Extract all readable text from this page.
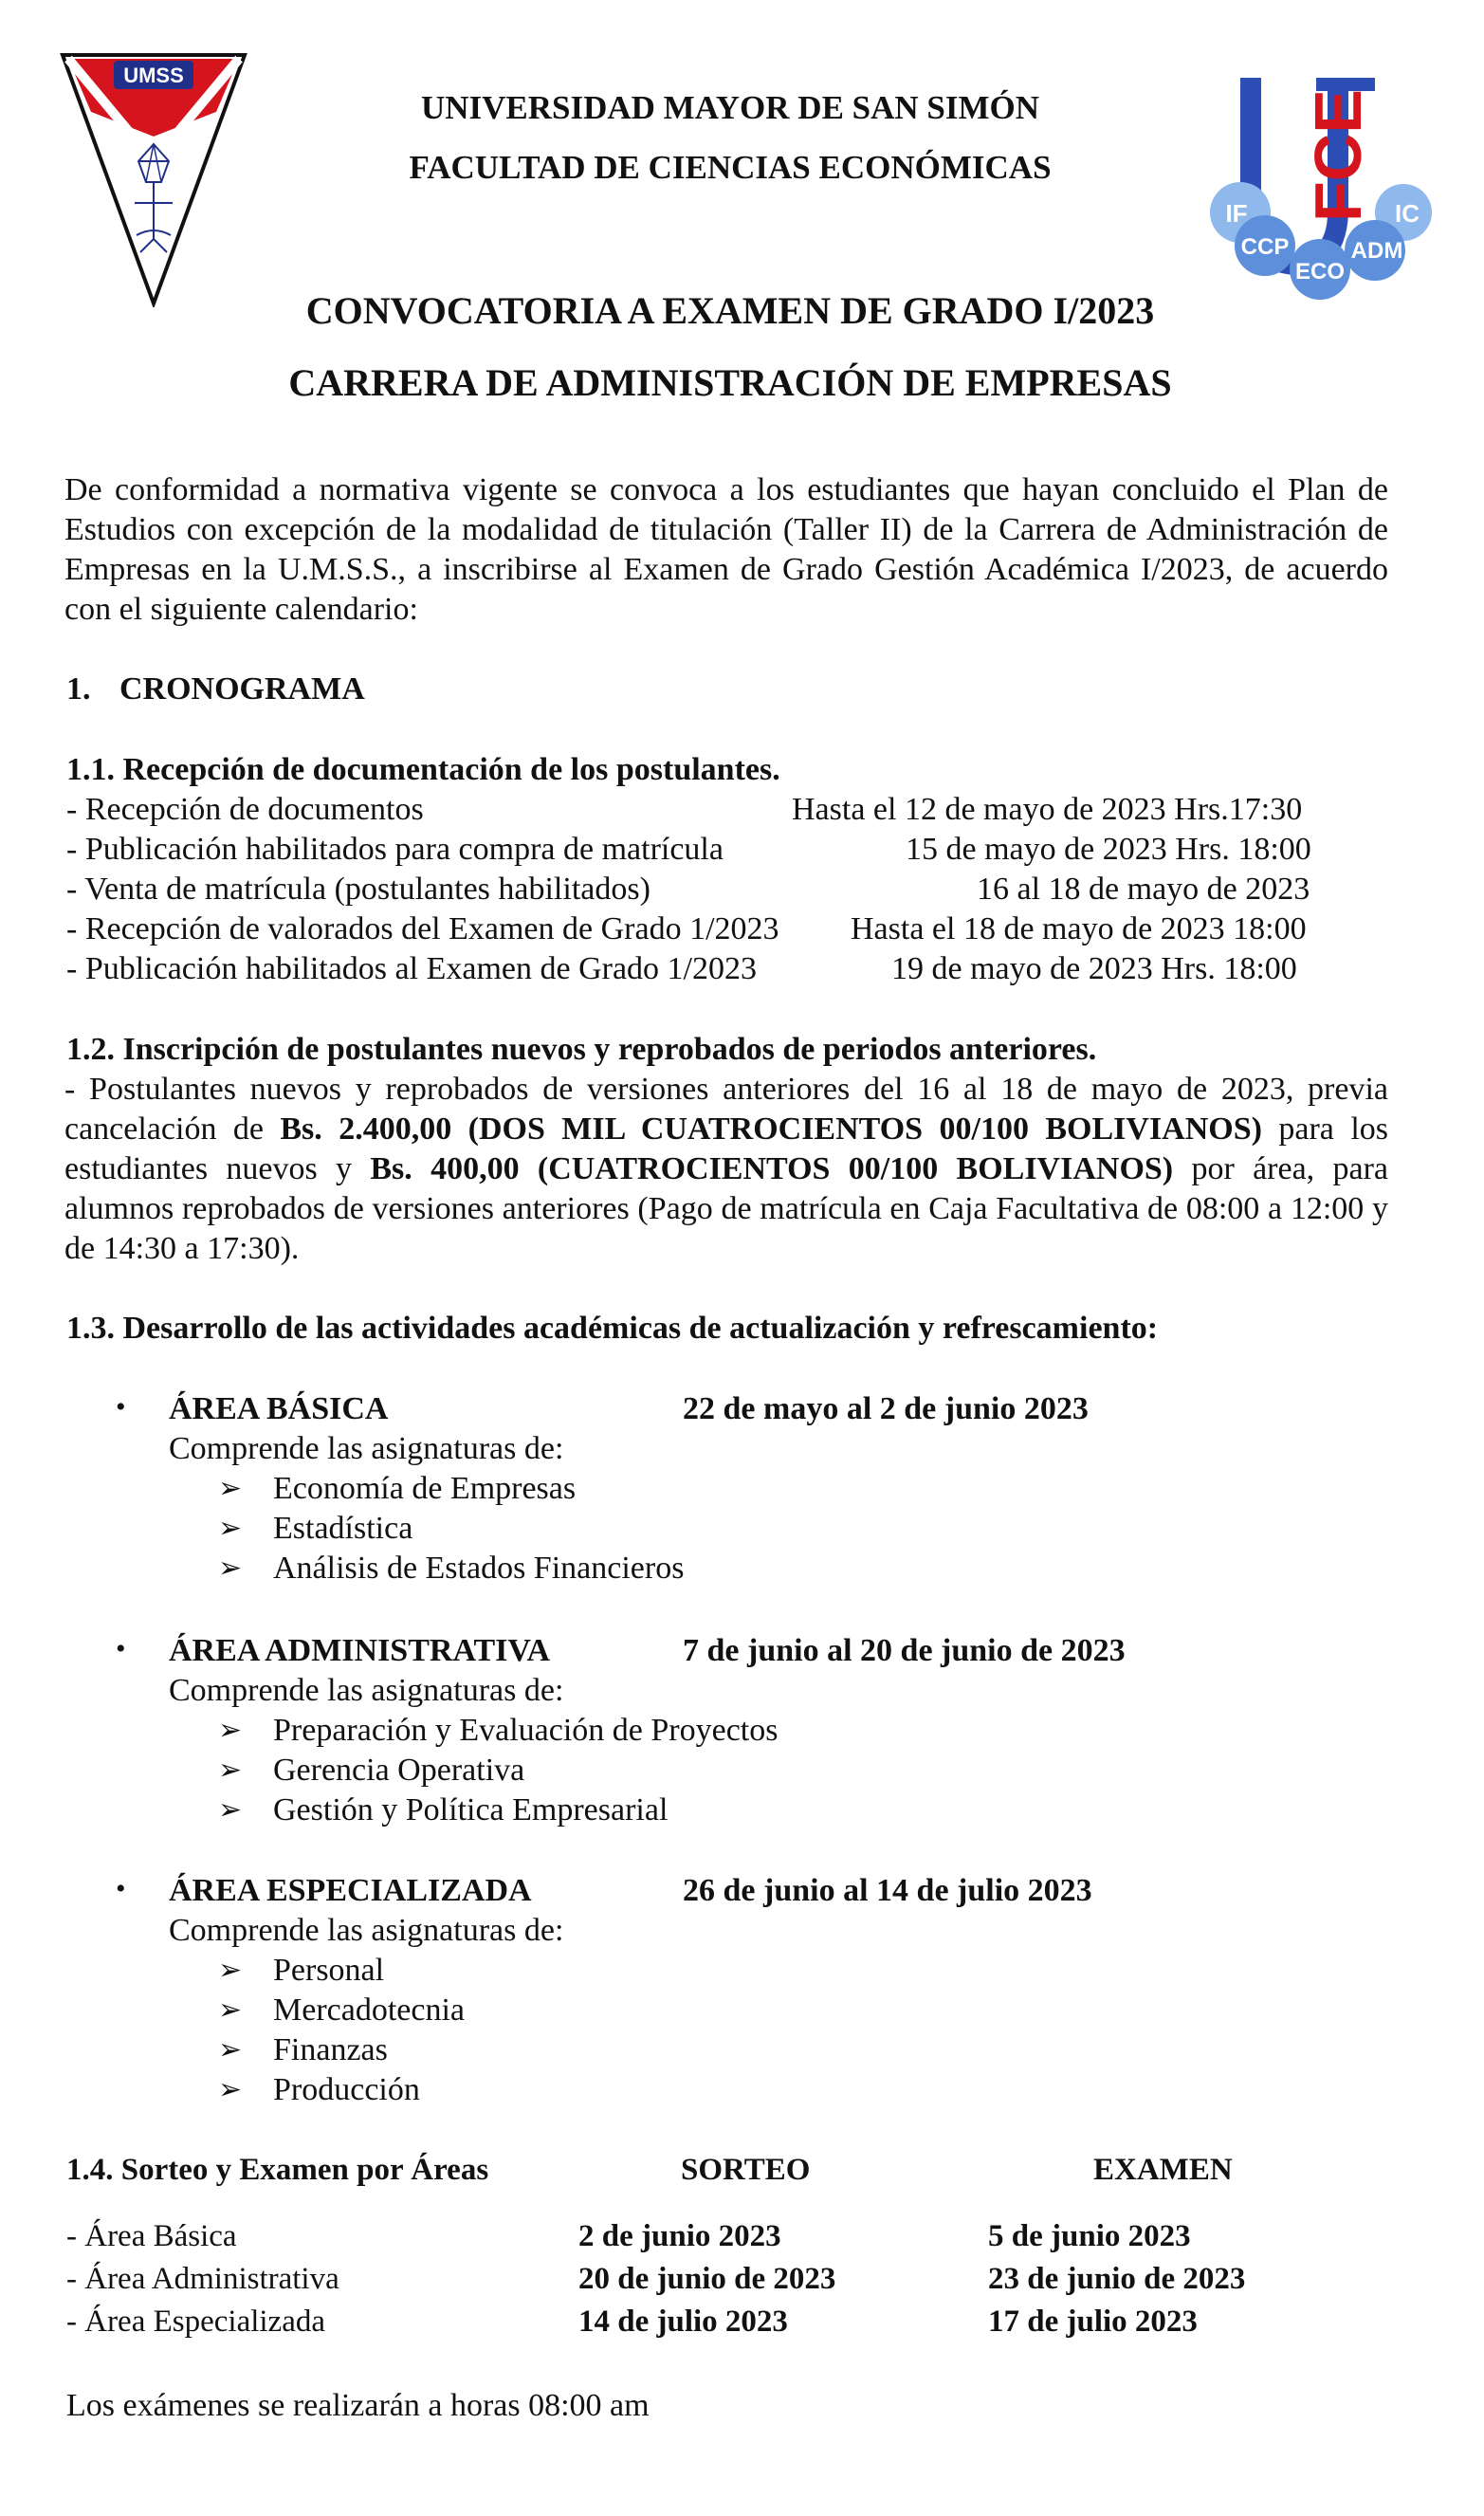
UMSS
UNIVERSIDAD MAYOR DE SAN SIMÓN
FACULTAD DE CIENCIAS ECONÓMICAS	FCE
UMSS
IF	IC
CCP	ADM
ECO
CONVOCATORIA A EXAMEN DE GRADO I/2023
CARRERA DE ADMINISTRACIÓN DE EMPRESAS
De conformidad a normativa vigente se convoca a los estudiantes que hayan concluido el Plan de Estudios con excepción de la modalidad de titulación (Taller II) de la Carrera de Administración de Empresas en la U.M.S.S., a inscribirse al Examen de Grado Gestión Académica I/2023, de acuerdo con el siguiente calendario:
1. CRONOGRAMA
1.1. Recepción de documentación de los postulantes.
- Recepción de documentos	Hasta el 12 de mayo de 2023 Hrs.17:30
- Publicación habilitados para compra de matrícula	15 de mayo de 2023 Hrs. 18:00
- Venta de matrícula (postulantes habilitados)	16 al 18 de mayo de 2023
- Recepción de valorados del Examen de Grado 1/2023 Hasta el 18 de mayo de 2023 18:00
- Publicación habilitados al Examen de Grado 1/2023	19 de mayo de 2023 Hrs. 18:00
1.2. Inscripción de postulantes nuevos y reprobados de periodos anteriores.
- Postulantes nuevos y reprobados de versiones anteriores del 16 al 18 de mayo de 2023, previa cancelación de Bs. 2.400,00 (DOS MIL CUATROCIENTOS 00/100 BOLIVIANOS) para los estudiantes nuevos y Bs. 400,00 (CUATROCIENTOS 00/100 BOLIVIANOS) por área, para alumnos reprobados de versiones anteriores (Pago de matrícula en Caja Facultativa de 08:00 a 12:00 y de 14:30 a 17:30).
1.3. Desarrollo de las actividades académicas de actualización y refrescamiento:
• ÁREA BÁSICA	22 de mayo al 2 de junio 2023
Comprende las asignaturas de:
➢ Economía de Empresas
➢ Estadística
➢ Análisis de Estados Financieros
• ÁREA ADMINISTRATIVA	7 de junio al 20 de junio de 2023
Comprende las asignaturas de:
➢ Preparación y Evaluación de Proyectos
➢ Gerencia Operativa
➢ Gestión y Política Empresarial
• ÁREA ESPECIALIZADA	26 de junio al 14 de julio 2023
Comprende las asignaturas de:
➢ Personal
➢ Mercadotecnia
➢ Finanzas
➢ Producción
1.4. Sorteo y Examen por Áreas	SORTEO	EXAMEN
- Área Básica	2 de junio 2023	5 de junio 2023
- Área Administrativa	20 de junio de 2023	23 de junio de 2023
- Área Especializada	14 de julio 2023	17 de julio 2023
Los exámenes se realizarán a horas 08:00 am
